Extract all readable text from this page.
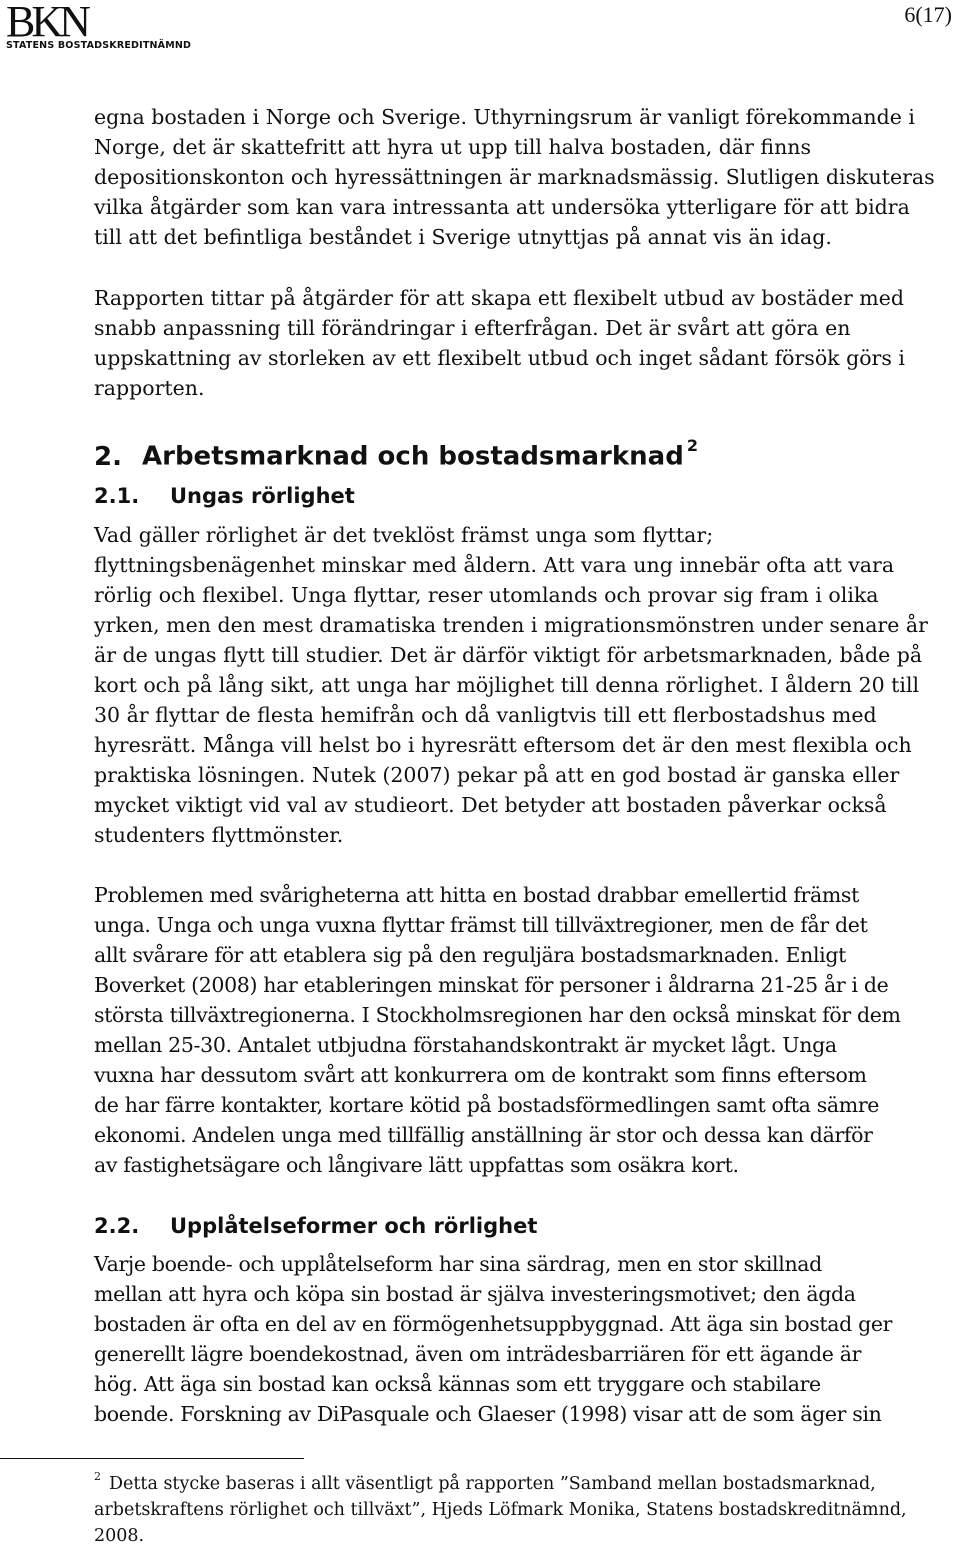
BKN
STATENS BOSTADSKREDITNÄMND
6(17)

egna bostaden i Norge och Sverige. Uthyrningsrum är vanligt förekommande i
Norge, det är skattefritt att hyra ut upp till halva bostaden, där finns
depositionskonton och hyressättningen är marknadsmässig. Slutligen diskuteras
vilka åtgärder som kan vara intressanta att undersöka ytterligare för att bidra
till att det befintliga beståndet i Sverige utnyttjas på annat vis än idag.

Rapporten tittar på åtgärder för att skapa ett flexibelt utbud av bostäder med
snabb anpassning till förändringar i efterfrågan. Det är svårt att göra en
uppskattning av storleken av ett flexibelt utbud och inget sådant försök görs i
rapporten.

2. Arbetsmarknad och bostadsmarknad $^2$
2.1. Ungas rörlighet

Vad gäller rörlighet är det tveklöst främst unga som flyttar;
flyttningsbenägenhet minskar med åldern. Att vara ung innebär ofta att vara
rörlig och flexibel. Unga flyttar, reser utomlands och provar sig fram i olika
yrken, men den mest dramatiska trenden i migrationsmönstren under senare år
är de ungas flytt till studier. Det är därför viktigt för arbetsmarknaden, både på
kort och på lång sikt, att unga har möjlighet till denna rörlighet. I åldern 20 till
30 år flyttar de flesta hemifrån och då vanligtvis till ett flerbostadshus med
hyresrätt. Många vill helst bo i hyresrätt eftersom det är den mest flexibla och
praktiska lösningen. Nutek (2007) pekar på att en god bostad är ganska eller
mycket viktigt vid val av studieort. Det betyder att bostaden påverkar också
studenters flyttmönster.

Problemen med svårigheterna att hitta en bostad drabbar emellertid främst
unga. Unga och unga vuxna flyttar främst till tillväxtregioner, men de får det
allt svårare för att etablera sig på den reguljära bostadsmarknaden. Enligt
Boverket (2008) har etableringen minskat för personer i åldrarna 21-25 år i de
största tillväxtregionerna. I Stockholmsregionen har den också minskat för dem
mellan 25-30. Antalet utbjudna förstahandskontrakt är mycket lågt. Unga
vuxna har dessutom svårt att konkurrera om de kontrakt som finns eftersom
de har färre kontakter, kortare kötid på bostadsförmedlingen samt ofta sämre
ekonomi. Andelen unga med tillfällig anställning är stor och dessa kan därför
av fastighetsägare och långivare lätt uppfattas som osäkra kort.

2.2. Upplåtelseformer och rörlighet

Varje boende- och upplåtelseform har sina särdrag, men en stor skillnad
mellan att hyra och köpa sin bostad är själva investeringsmotivet; den ägda
bostaden är ofta en del av en förmögenhetsuppbyggnad. Att äga sin bostad ger
generellt lägre boendekostnad, även om inträdesbarriären för ett ägande är
hög. Att äga sin bostad kan också kännas som ett tryggare och stabilare
boende. Forskning av DiPasquale och Glaeser (1998) visar att de som äger sin

$^2$ Detta stycke baseras i allt väsentligt på rapporten ”Samband mellan bostadsmarknad,
arbetskraftens rörlighet och tillväxt”, Hjeds Löfmark Monika, Statens bostadskreditnämnd,
2008.
